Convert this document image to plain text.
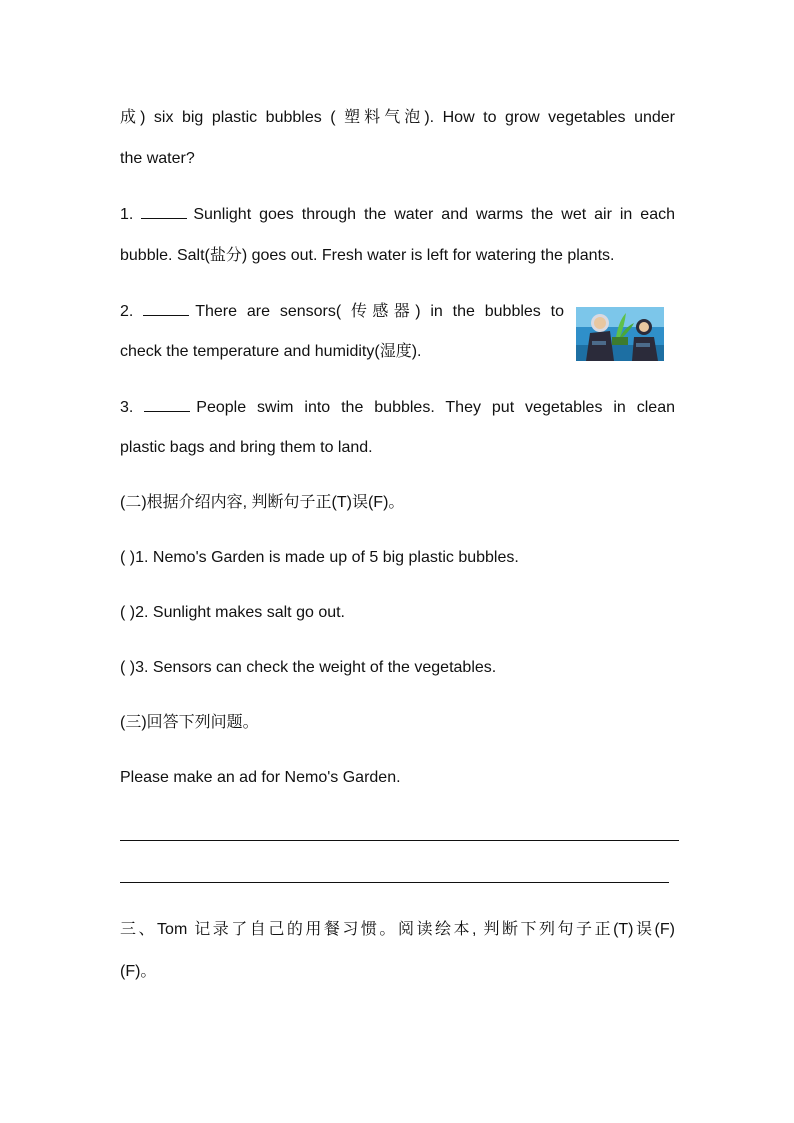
成) six big plastic bubbles ( 塑料气泡). How to grow vegetables under
the water?
1.	Sunlight goes through the water and warms the wet air in each
bubble. Salt(盐分) goes out. Fresh water is left for watering the plants.
2.	There are sensors( 传感器) in the bubbles to
check the temperature and humidity(湿度).
3.	People swim into the bubbles. They put vegetables in clean
plastic bags and bring them to land.
(二)根据介绍内容, 判断句子正(T)误(F)。
( )1. Nemo's Garden is made up of 5 big plastic bubbles.
( )2. Sunlight makes salt go out.
( )3. Sensors can check the weight of the vegetables.
(三)回答下列问题。
Please make an ad for Nemo's Garden.
三、Tom 记录了自己的用餐习惯。阅读绘本, 判断下列句子正(T)误(F)
(F)。
